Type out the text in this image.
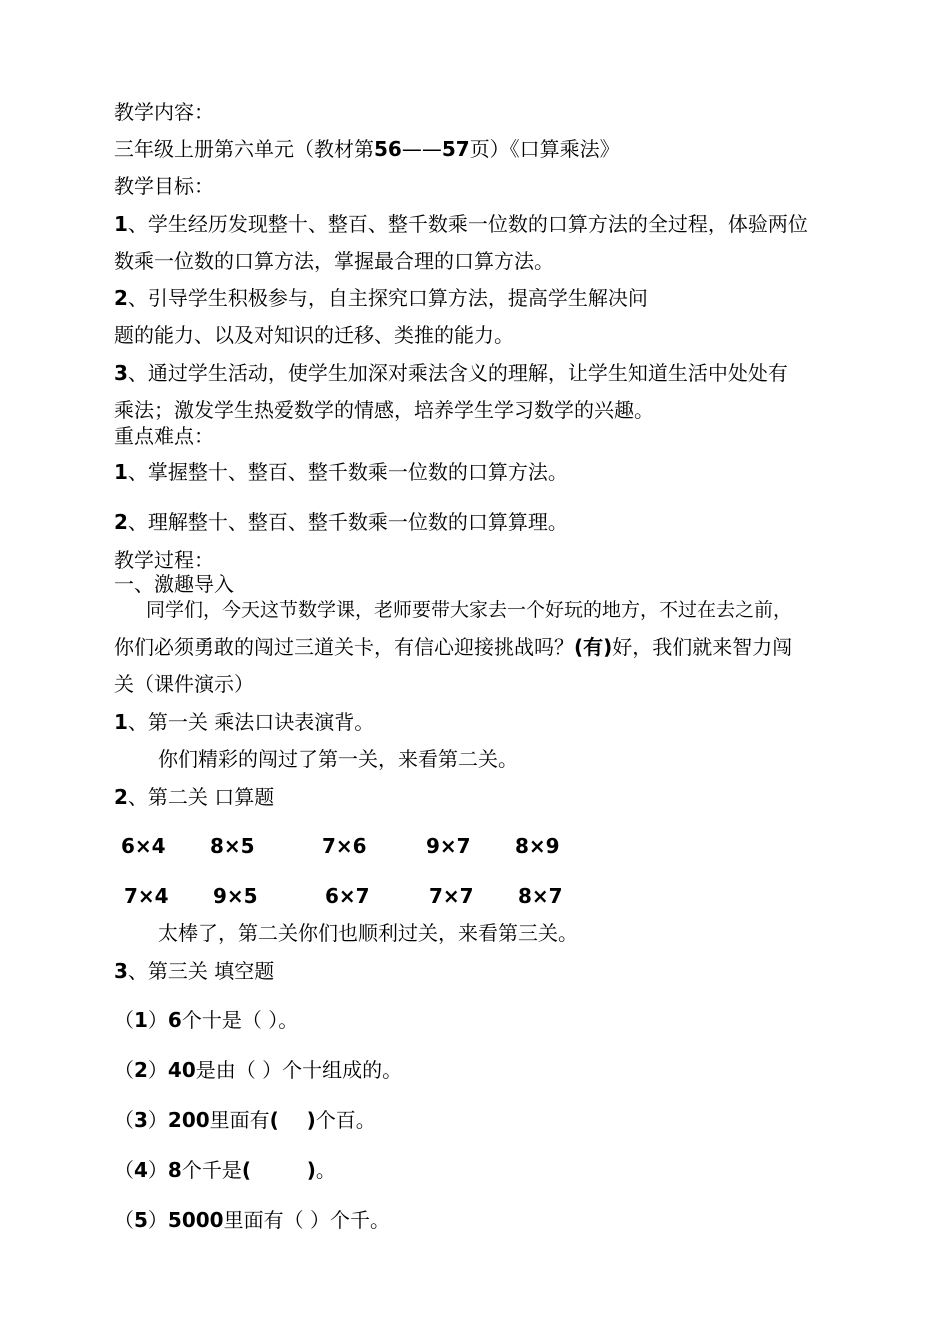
教学内容：

三年级上册第六单元（教材第56——57页）《口算乘法》

教学目标：

1、学生经历发现整十、整百、整千数乘一位数的口算方法的全过程，体验两位

数乘一位数的口算方法，掌握最合理的口算方法。

2、引导学生积极参与，自主探究口算方法，提高学生解决问

题的能力、以及对知识的迁移、类推的能力。

3、通过学生活动，使学生加深对乘法含义的理解，让学生知道生活中处处有

乘法；激发学生热爱数学的情感，培养学生学习数学的兴趣。

重点难点：

1、掌握整十、整百、整千数乘一位数的口算方法。

2、理解整十、整百、整千数乘一位数的口算算理。

教学过程：

一、激趣导入

同学们，今天这节数学课，老师要带大家去一个好玩的地方，不过在去之前，

你们必须勇敢的闯过三道关卡，有信心迎接挑战吗？(有)好，我们就来智力闯

关（课件演示）

1、第一关 乘法口诀表演背。

你们精彩的闯过了第一关，来看第二关。

2、第二关 口算题

6×4 8×5	7×6	9×7 8×9
7×4 9×5	6×7	7×7 8×7

太棒了，第二关你们也顺利过关，来看第三关。

3、第三关 填空题

（1）6个十是（ ）。

（2）40是由（ ）个十组成的。

（3）200里面有(    )个百。

（4）8个千是(        )。

（5）5000里面有（ ）个千。
